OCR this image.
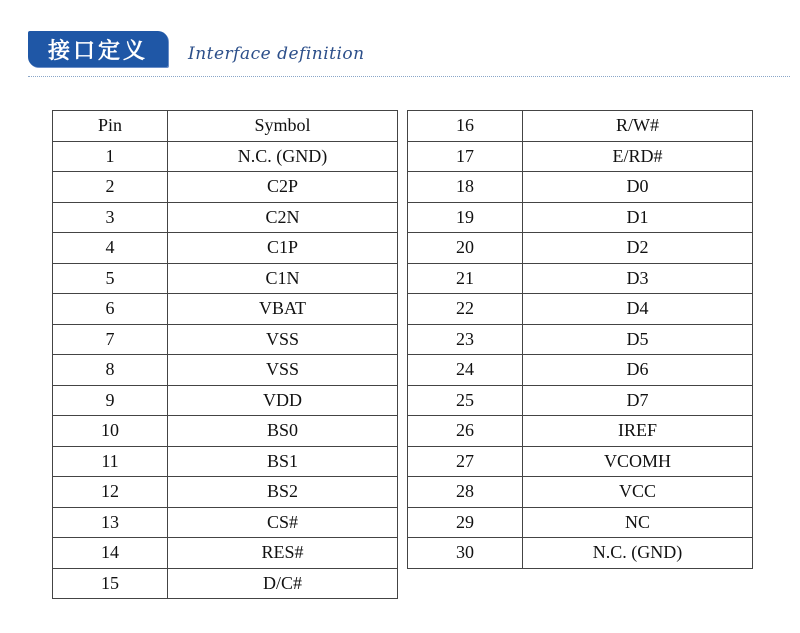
接口定义	Interface definition
Pin	Symbol
1	N.C. (GND)
2	C2P
3	C2N
4	C1P
5	C1N
6	VBAT
7	VSS
8	VSS
9	VDD
10	BS0
11	BS1
12	BS2
13	CS#
14	RES#
15	D/C#
16	R/W#
17	E/RD#
18	D0
19	D1
20	D2
21	D3
22	D4
23	D5
24	D6
25	D7
26	IREF
27	VCOMH
28	VCC
29	NC
30	N.C. (GND)
